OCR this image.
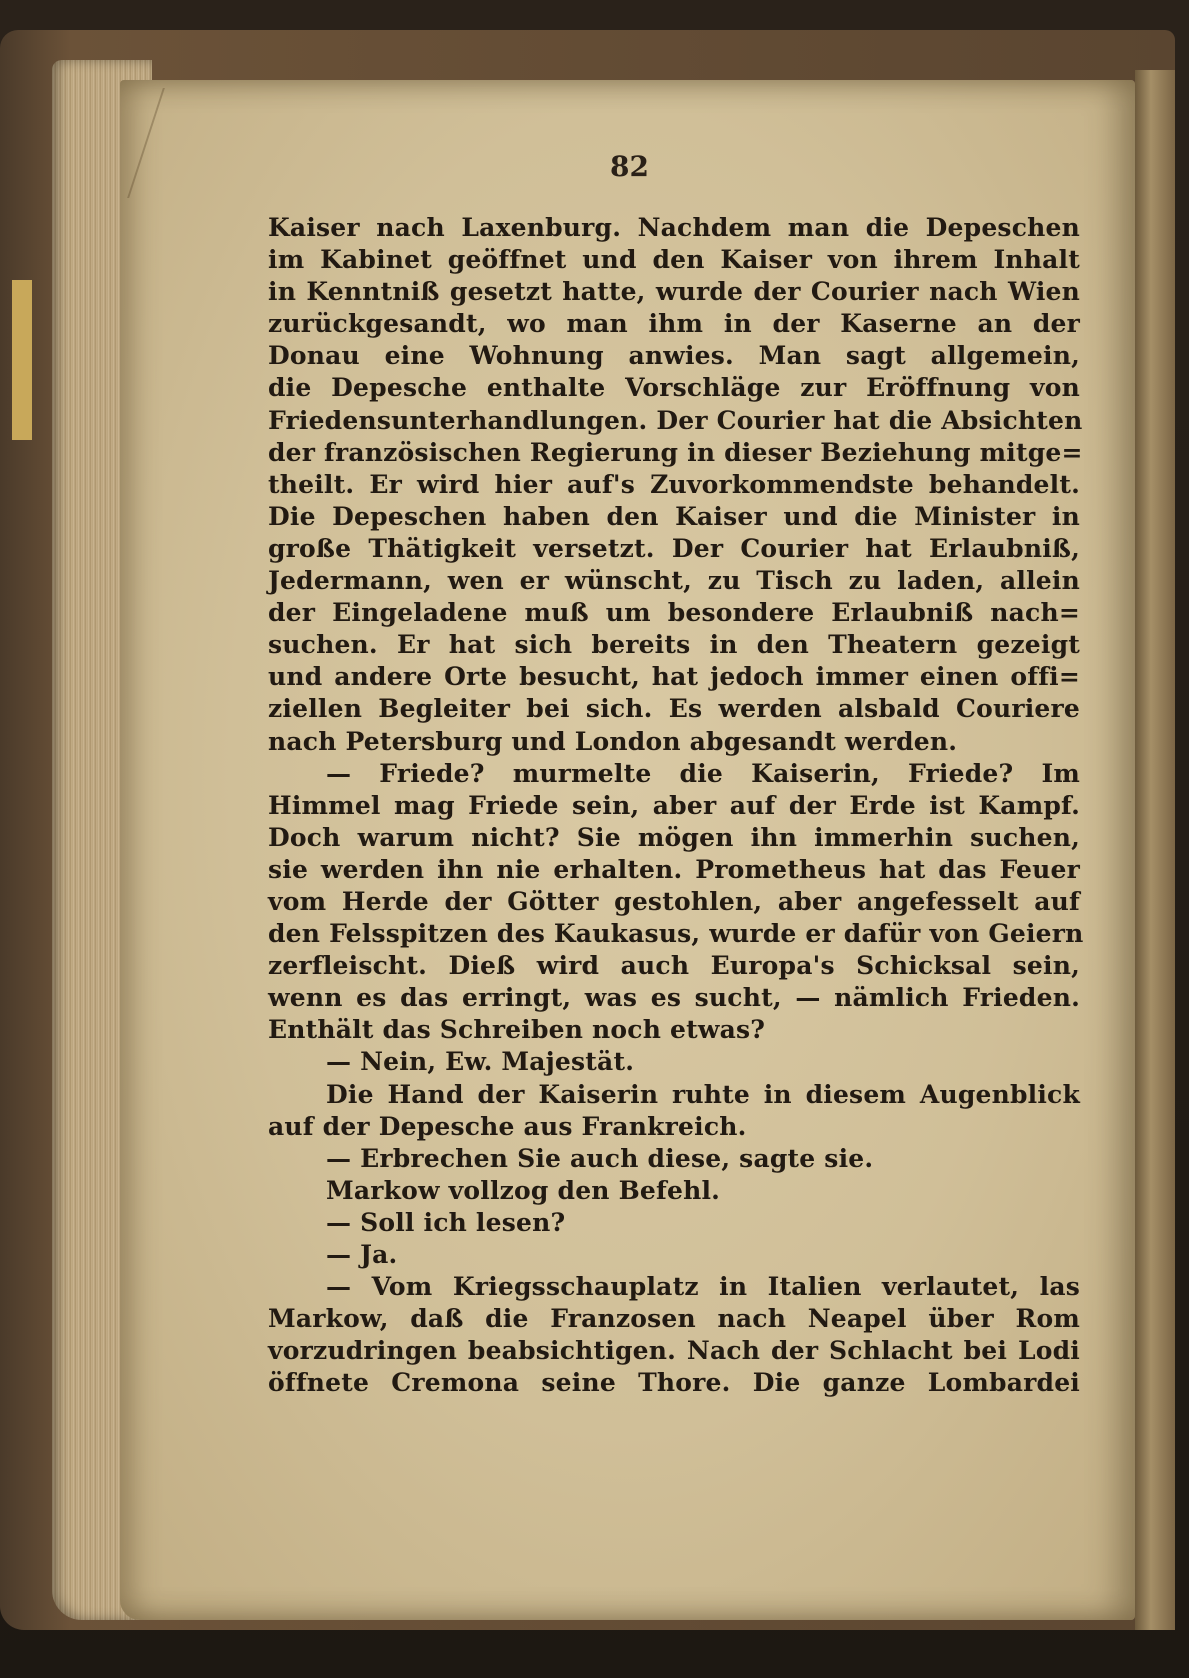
82
Kaiser nach Laxenburg. Nachdem man die Depeschen
im Kabinet geöffnet und den Kaiser von ihrem Inhalt
in Kenntniß gesetzt hatte, wurde der Courier nach Wien
zurückgesandt, wo man ihm in der Kaserne an der
Donau eine Wohnung anwies. Man sagt allgemein,
die Depesche enthalte Vorschläge zur Eröffnung von
Friedensunterhandlungen. Der Courier hat die Absichten
der französischen Regierung in dieser Beziehung mitge=
theilt. Er wird hier auf's Zuvorkommendste behandelt.
Die Depeschen haben den Kaiser und die Minister in
große Thätigkeit versetzt. Der Courier hat Erlaubniß,
Jedermann, wen er wünscht, zu Tisch zu laden, allein
der Eingeladene muß um besondere Erlaubniß nach=
suchen. Er hat sich bereits in den Theatern gezeigt
und andere Orte besucht, hat jedoch immer einen offi=
ziellen Begleiter bei sich. Es werden alsbald Couriere
nach Petersburg und London abgesandt werden.
— Friede? murmelte die Kaiserin, Friede? Im
Himmel mag Friede sein, aber auf der Erde ist Kampf.
Doch warum nicht? Sie mögen ihn immerhin suchen,
sie werden ihn nie erhalten. Prometheus hat das Feuer
vom Herde der Götter gestohlen, aber angefesselt auf
den Felsspitzen des Kaukasus, wurde er dafür von Geiern
zerfleischt. Dieß wird auch Europa's Schicksal sein,
wenn es das erringt, was es sucht, — nämlich Frieden.
Enthält das Schreiben noch etwas?
— Nein, Ew. Majestät.
Die Hand der Kaiserin ruhte in diesem Augenblick
auf der Depesche aus Frankreich.
— Erbrechen Sie auch diese, sagte sie.
Markow vollzog den Befehl.
— Soll ich lesen?
— Ja.
— Vom Kriegsschauplatz in Italien verlautet, las
Markow, daß die Franzosen nach Neapel über Rom
vorzudringen beabsichtigen. Nach der Schlacht bei Lodi
öffnete Cremona seine Thore. Die ganze Lombardei
